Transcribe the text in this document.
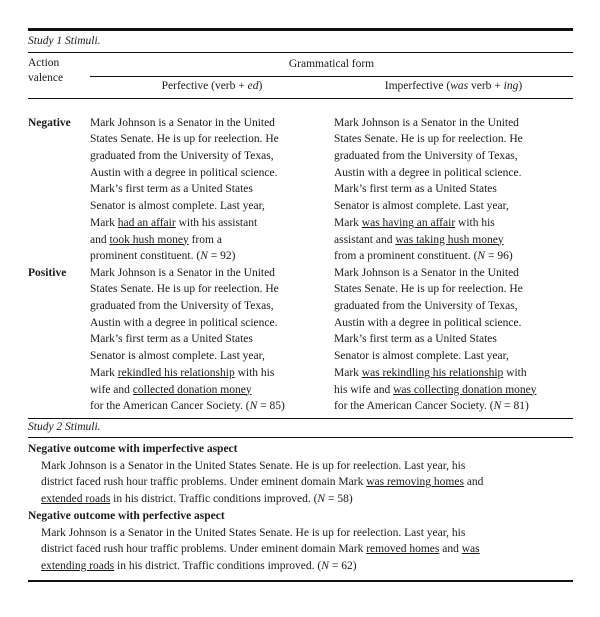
Study 1 Stimuli.
Action
valence
Grammatical form
Perfective (verb + ed)	Imperfective (was verb + ing)
Negative Mark Johnson is a Senator in the United
States Senate. He is up for reelection. He
graduated from the University of Texas,
Austin with a degree in political science.
Mark’s first term as a United States
Senator is almost complete. Last year,
Mark had an affair with his assistant
and took hush money from a
prominent constituent. (N = 92)
Mark Johnson is a Senator in the United
States Senate. He is up for reelection. He
graduated from the University of Texas,
Austin with a degree in political science.
Mark’s first term as a United States
Senator is almost complete. Last year,
Mark was having an affair with his
assistant and was taking hush money
from a prominent constituent. (N = 96)
Positive Mark Johnson is a Senator in the United
States Senate. He is up for reelection. He
graduated from the University of Texas,
Austin with a degree in political science.
Mark’s first term as a United States
Senator is almost complete. Last year,
Mark rekindled his relationship with his
wife and collected donation money
for the American Cancer Society. (N = 85)
Mark Johnson is a Senator in the United
States Senate. He is up for reelection. He
graduated from the University of Texas,
Austin with a degree in political science.
Mark’s first term as a United States
Senator is almost complete. Last year,
Mark was rekindling his relationship with
his wife and was collecting donation money
for the American Cancer Society. (N = 81)
Study 2 Stimuli.
Negative outcome with imperfective aspect
Mark Johnson is a Senator in the United States Senate. He is up for reelection. Last year, his
district faced rush hour traffic problems. Under eminent domain Mark was removing homes and
extended roads in his district. Traffic conditions improved. (N = 58)
Negative outcome with perfective aspect
Mark Johnson is a Senator in the United States Senate. He is up for reelection. Last year, his
district faced rush hour traffic problems. Under eminent domain Mark removed homes and was
extending roads in his district. Traffic conditions improved. (N = 62)
